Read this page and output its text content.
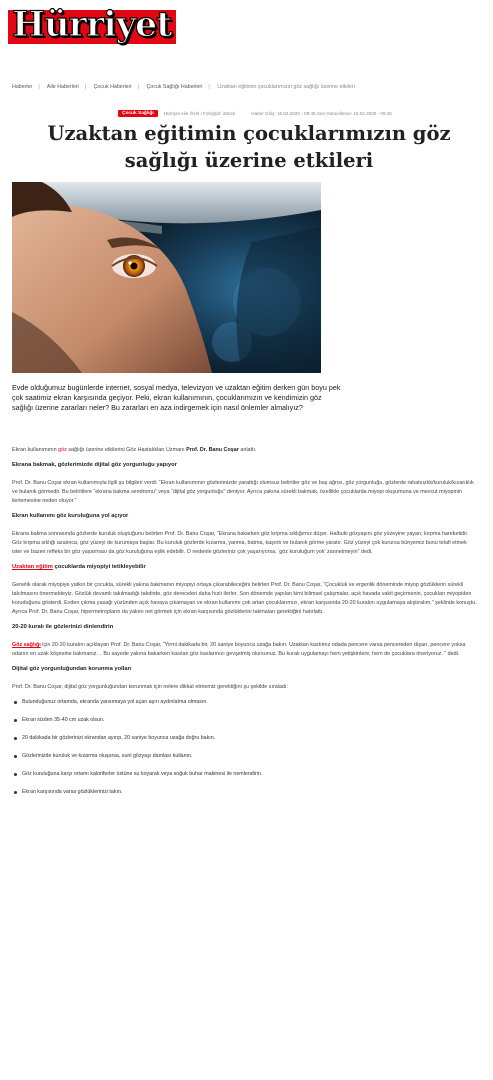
Hürriyet
Haberler | Aile Haberleri | Çocuk Haberleri | Çocuk Sağlığı Haberleri | Uzaktan eğitimin çocuklarımızın göz sağlığı üzerine etkileri
Çocuk Sağlığı	Hürriyet Aile Özel / Fotoğraf: iStock	Haber Giriş: 16.04.2020 - 09:45,Son Güncelleme: 16.04.2020 - 09:45
Uzaktan eğitimin çocuklarımızın göz sağlığı üzerine etkileri

Evde olduğumuz bugünlerde internet, sosyal medya, televizyon ve uzaktan eğitim derken gün boyu pek çok saatimiz ekran karşısında geçiyor. Peki, ekran kullanımının, çocuklarımızın ve kendimizin göz sağlığı üzerine zararları neler? Bu zararları en aza indirgemek için nasıl önlemler almalıyız?

Ekran kullanımının göz sağlığı üzerine etkilerini Göz Hastalıkları Uzmanı Prof. Dr. Banu Coşar anlattı.

Ekrana bakmak, gözlerimizde dijital göz yorgunluğu yapıyor

Prof. Dr. Banu Coşar ekran kullanımıyla ilgili şu bilgileri verdi: “Ekran kullanımının gözlerimizde yarattığı olumsuz belirtiler göz ve baş ağrısı, göz yorgunluğu, gözlerde rahatsızlık/kuruluk/kızarıklık ve bulanık görmedir. Bu belirtilere “ekrana bakma sendromu” veya “dijital göz yorgunluğu” deniyor. Ayrıca yakına sürekli bakmak, özellikle çocuklarda miyopi oluşumuna ve mevcut miyopinin ilerlemesine neden oluyor.”

Ekran kullanımı göz kuruluğuna yol açıyor

Ekrana bakma sonrasında gözlerde kuruluk oluştuğunu belirten Prof. Dr. Banu Coşar, “Ekrana bakarken göz kırpma sıklığımız düşer. Halbuki gözyaşını göz yüzeyine yayan; kırpma hareketidir. Göz kırpma sıklığı azalınca, göz yüzeyi de kurumaya başlar. Bu kuruluk gözlerde kızarma, yanma, batma, kaşıntı ve bulanık görme yaratır. Göz yüzeyi çok kurursa bünyemiz bunu telafi etmek ister ve bazen refleks bir göz yaşarması da göz kuruluğuna eşlik edebilir. O nedenle gözleriniz çok yaşarıyorsa, ‘göz kuruluğum yok’ zannetmeyin” dedi.

Uzaktan eğitim çocuklarda miyopiyi tetikleyebilir

Genetik olarak miyopiye yatkın bir çocukta, sürekli yakına bakmanın miyopiyi ortaya çıkarabileceğini belirten Prof. Dr. Banu Coşar, “Çocukluk ve ergenlik döneminde miyop gözlüklerin sürekli takılmasını önermekteyiz. Gözlük devamlı takılmadığı takdirde, göz dereceleri daha hızlı ilerler. Son dönemde yapılan kimi bilimsel çalışmalar, açık havada vakit geçirmenin, çocukları miyopiden koruduğunu gösterdi. Evden çıkma yasağı yüzünden açık havaya çıkamayan ve ekran kullanımı çok artan çocuklarımızı, ekran karşısında 20-20 kuralını uygulamaya alıştıralım.” şeklinde konuştu. Ayrıca Prof. Dr. Banu Coşar, hipermetropların da yakını net görmek için ekran karşısında gözlüklerini takmaları gerektiğini hatırlattı.

20-20 kuralı ile gözlerinizi dinlendirin

Göz sağlığı için 20-20 kuralını açıklayan Prof. Dr. Banu Coşar, “Yirmi dakikada bir, 20 saniye boyunca uzağa bakın. Uzaktan kastımız odada pencere varsa pencereden dışarı, pencere yoksa odanın en uzak köşesine bakmanız… Bu sayede yakına bakarken kasılan göz kaslarınızı gevşetmiş olursunuz. Bu kuralı uygulamayı hem yetişkinlere, hem de çocuklara öneriyoruz. ” dedi.

Dijital göz yorgunluğundan korunma yolları

Prof. Dr. Banu Coşar, dijital göz yorgunluğundan korunmak için nelere dikkat etmemiz gerektiğini şu şekilde sıraladı:

Bulunduğunuz ortamda, ekranda yansımaya yol açan aşırı aydınlatma olmasın.
Ekran sizden 35-40 cm uzak olsun.
20 dakikada bir gözlerinizi ekrandan ayırıp, 20 saniye boyunca uzağa doğru bakın.
Gözlerinizde kuruluk ve kızarma oluşursa, suni gözyaşı damlası kullanın.
Göz kuruluğuna karşı ortamı kaloriferler üstüne su koyarak veya soğuk buhar makinesi ile nemlendirin.
Ekran karşısında varsa gözlüklerinizi takın.
